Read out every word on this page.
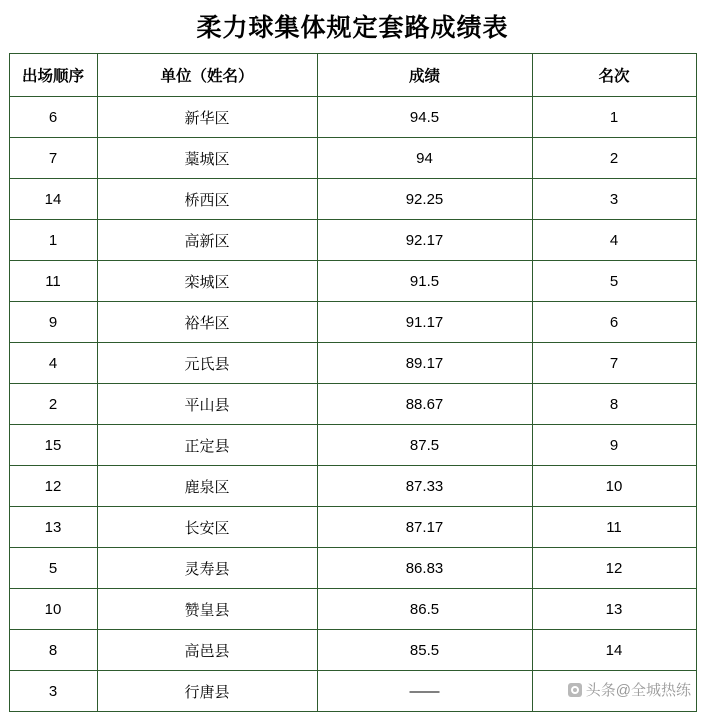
柔力球集体规定套路成绩表
出场顺序	单位（姓名）	成绩	名次
6	新华区	94.5	1
7	藁城区	94	2
14	桥西区	92.25	3
1	高新区	92.17	4
11	栾城区	91.5	5
9	裕华区	91.17	6
4	元氏县	89.17	7
2	平山县	88.67	8
15	正定县	87.5	9
12	鹿泉区	87.33	10
13	长安区	87.17	11
5	灵寿县	86.83	12
10	赞皇县	86.5	13
8	高邑县	85.5	14
3	行唐县	——		头条@全城热练
